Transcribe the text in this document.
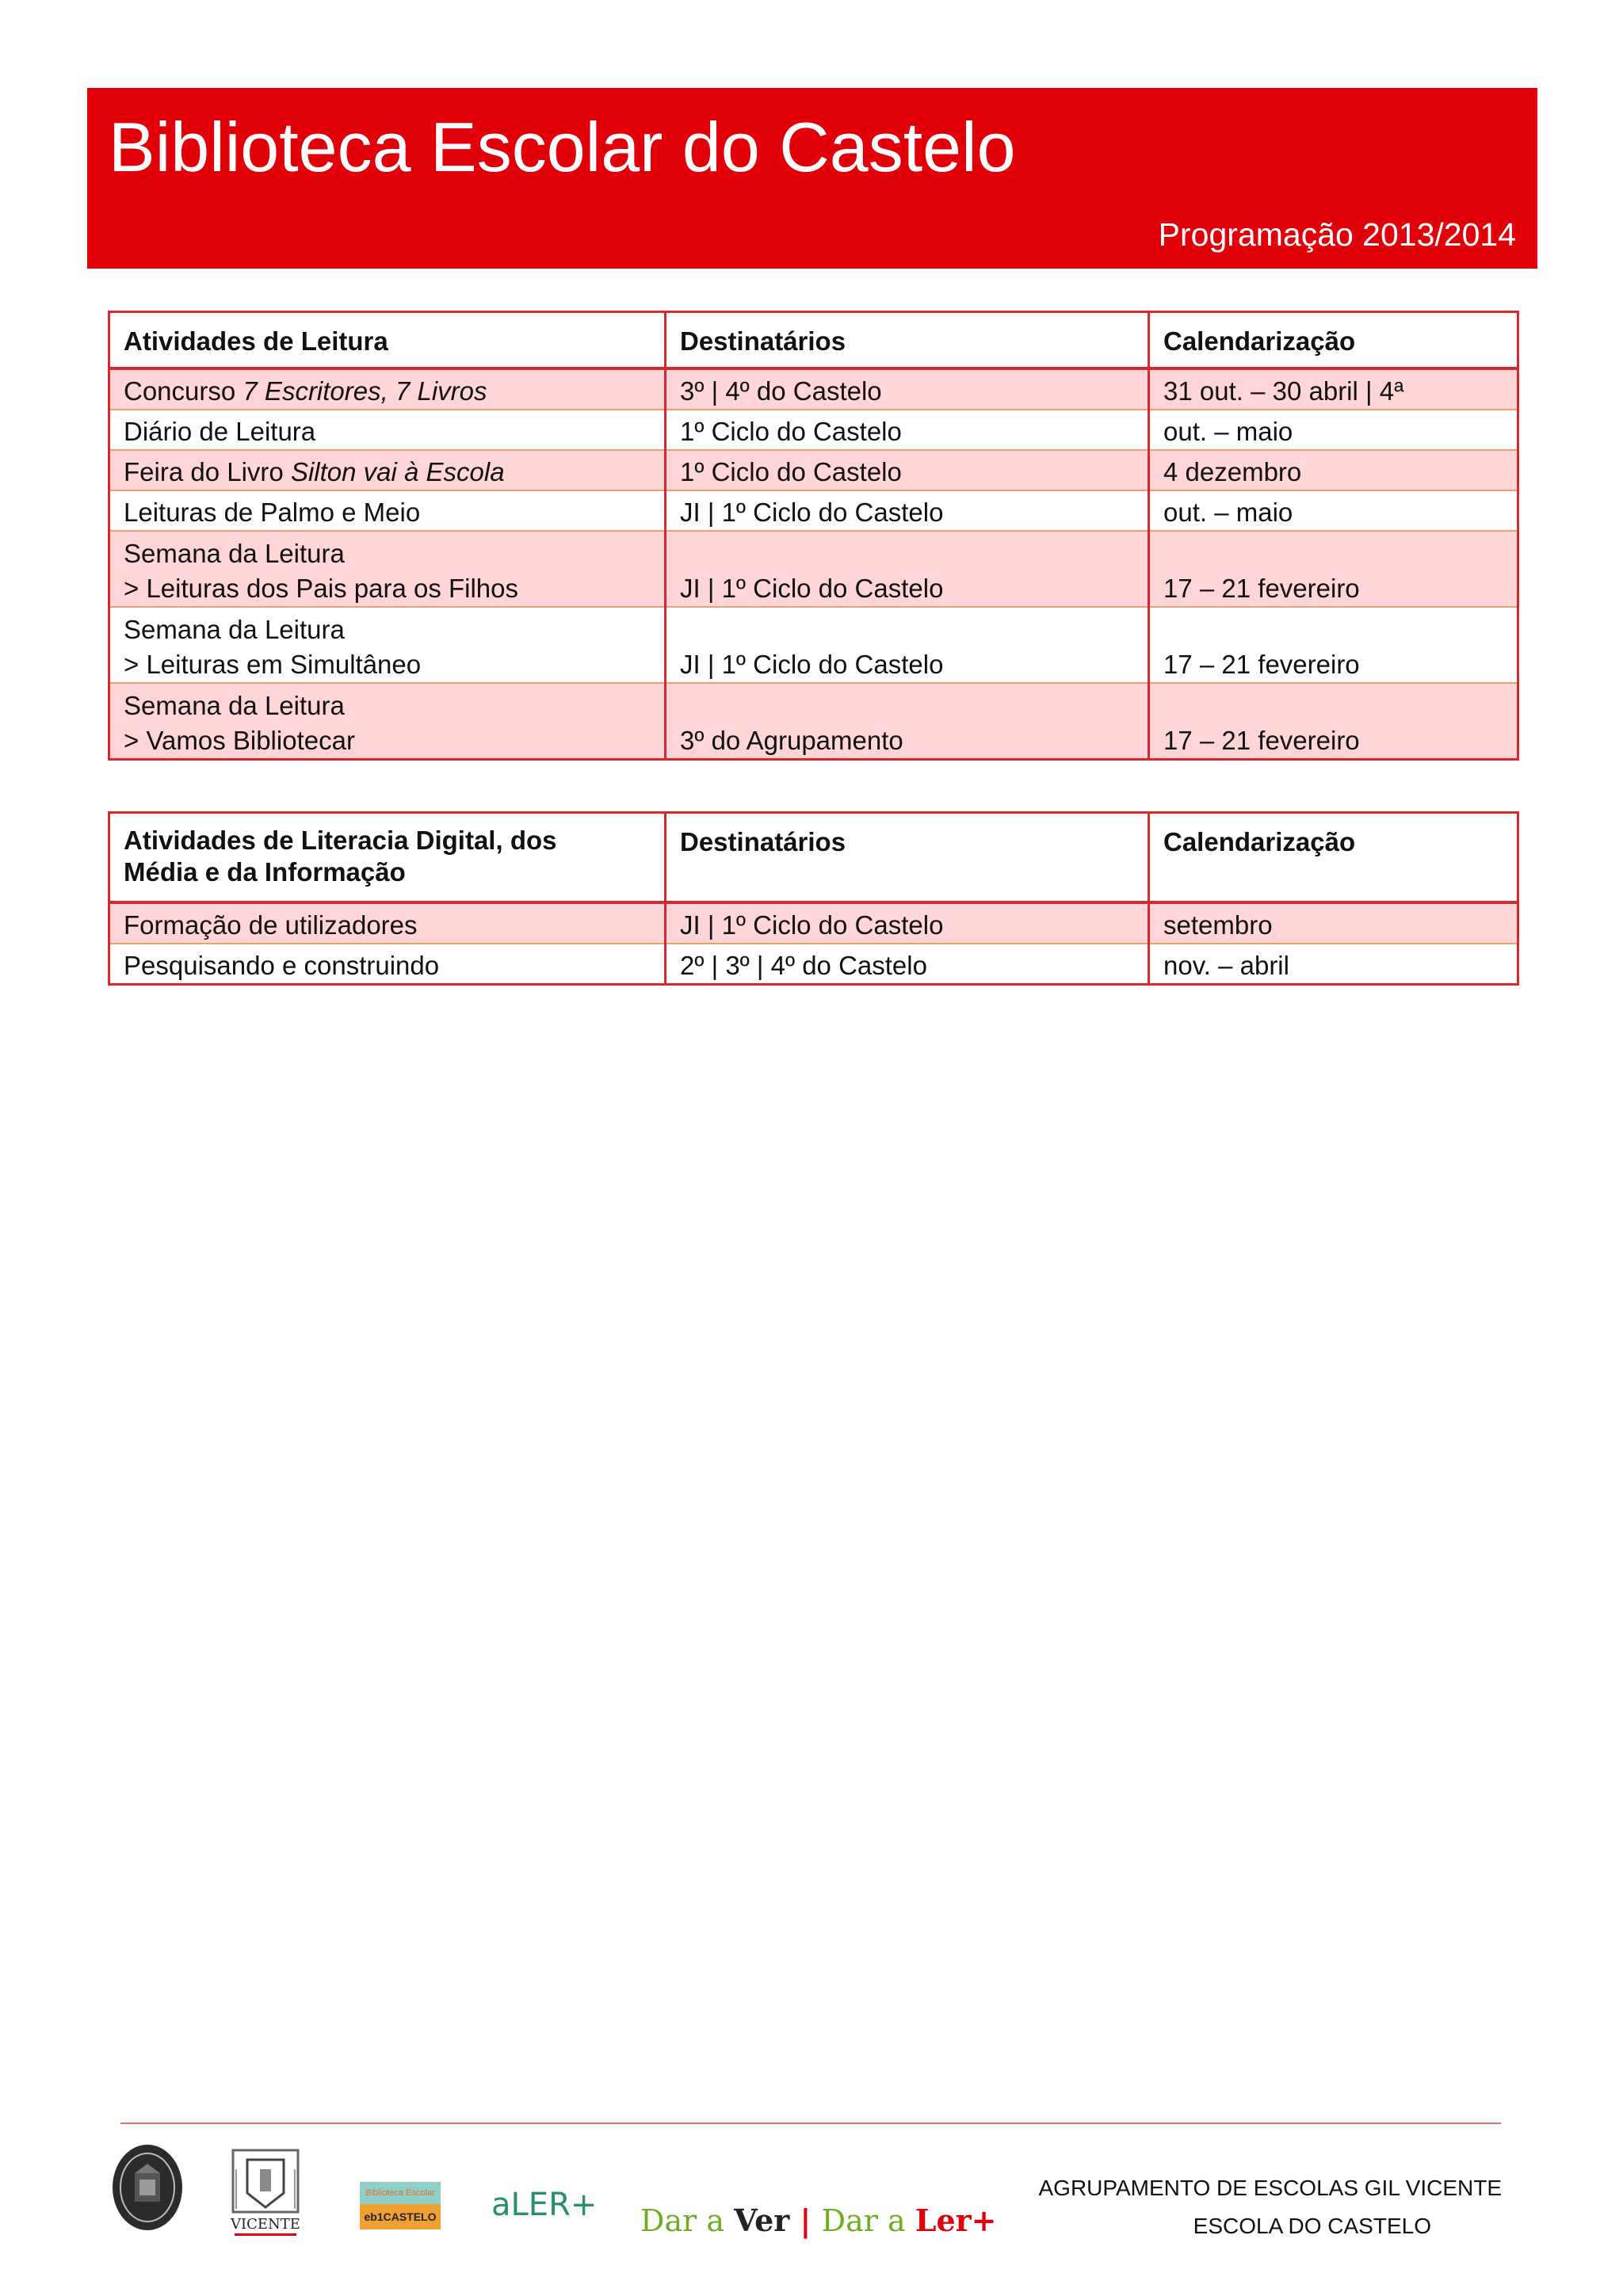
Biblioteca Escolar do Castelo
Programação 2013/2014
Atividades de Leitura	Destinatários	Calendarização
Concurso 7 Escritores, 7 Livros	3º | 4º do Castelo	31 out. – 30 abril | 4ª
Diário de Leitura	1º Ciclo do Castelo	out. – maio
Feira do Livro Silton vai à Escola	1º Ciclo do Castelo	4 dezembro
Leituras de Palmo e Meio	JI | 1º Ciclo do Castelo	out. – maio

Semana da Leitura
> Leituras dos Pais para os Filhos	JI | 1º Ciclo do Castelo	17 – 21 fevereiro

Semana da Leitura
> Leituras em Simultâneo	JI | 1º Ciclo do Castelo	17 – 21 fevereiro

Semana da Leitura
> Vamos Bibliotecar	3º do Agrupamento	17 – 21 fevereiro
Atividades de Literacia Digital, dos
Média e da Informação	Destinatários	Calendarização
Formação de utilizadores	JI | 1º Ciclo do Castelo	setembro
Pesquisando e construindo	2º | 3º | 4º do Castelo	nov. – abril
VICENTE
Biblioteca Escolar
eb1CASTELO aLER+ Dar a Ver | Dar a Ler+
AGRUPAMENTO DE ESCOLAS GIL VICENTE
ESCOLA DO CASTELO
